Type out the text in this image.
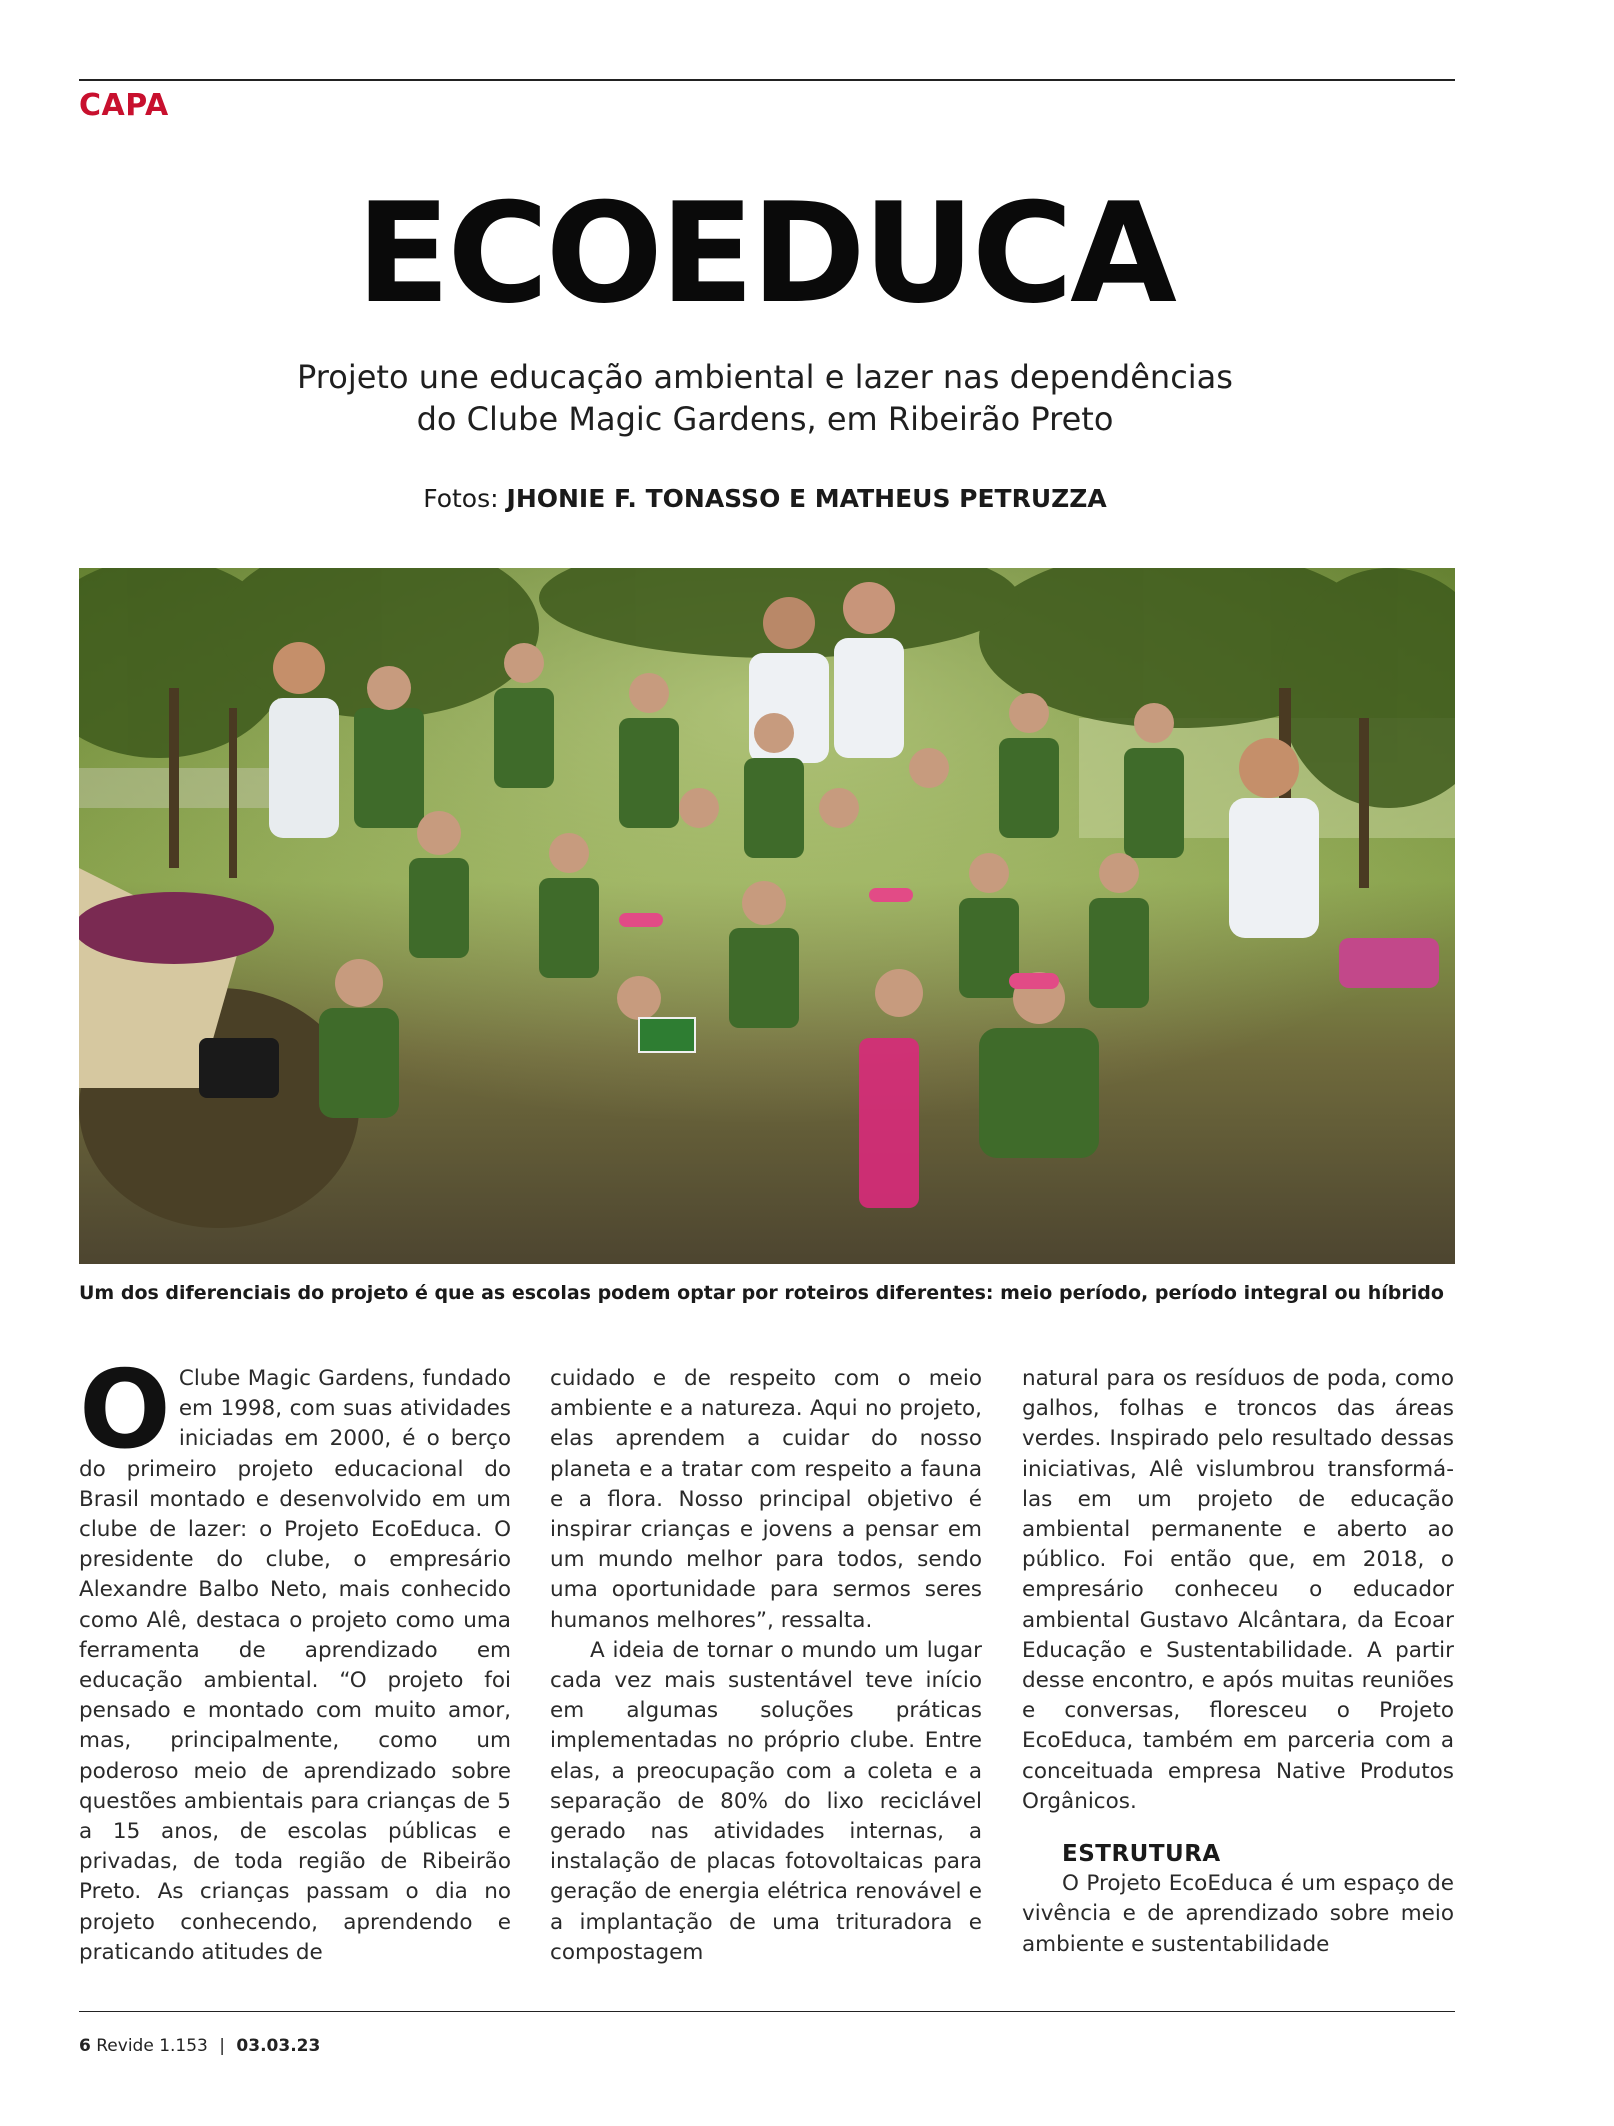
CAPA
ECOEDUCA
Projeto une educação ambiental e lazer nas dependências
do Clube Magic Gardens, em Ribeirão Preto
Fotos: JHONIE F. TONASSO E MATHEUS PETRUZZA
Um dos diferenciais do projeto é que as escolas podem optar por roteiros diferentes: meio período, período integral ou híbrido
O Clube Magic Gardens, fundado em 1998, com suas atividades iniciadas em 2000, é o berço do primeiro projeto educacional do Brasil montado e desenvolvido em um clube de lazer: o Projeto EcoEduca. O presidente do clube, o empresário Alexandre Balbo Neto, mais conhecido como Alê, destaca o projeto como uma ferramenta de aprendizado em educação ambiental. “O projeto foi pensado e montado com muito amor, mas, principalmente, como um poderoso meio de aprendizado sobre questões ambientais para crianças de 5 a 15 anos, de escolas públicas e privadas, de toda região de Ribeirão Preto. As crianças passam o dia no projeto conhecendo, aprendendo e praticando atitudes de

cuidado e de respeito com o meio ambiente e a natureza. Aqui no projeto, elas aprendem a cuidar do nosso planeta e a tratar com respeito a fauna e a flora. Nosso principal objetivo é inspirar crianças e jovens a pensar em um mundo melhor para todos, sendo uma oportunidade para sermos seres humanos melhores”, ressalta.

A ideia de tornar o mundo um lugar cada vez mais sustentável teve início em algumas soluções práticas implementadas no próprio clube. Entre elas, a preocupação com a coleta e a separação de 80% do lixo reciclável gerado nas atividades internas, a instalação de placas fotovoltaicas para geração de energia elétrica renovável e a implantação de uma trituradora e compostagem

natural para os resíduos de poda, como galhos, folhas e troncos das áreas verdes. Inspirado pelo resultado dessas iniciativas, Alê vislumbrou transformá-las em um projeto de educação ambiental permanente e aberto ao público. Foi então que, em 2018, o empresário conheceu o educador ambiental Gustavo Alcântara, da Ecoar Educação e Sustentabilidade. A partir desse encontro, e após muitas reuniões e conversas, floresceu o Projeto EcoEduca, também em parceria com a conceituada empresa Native Produtos Orgânicos.

ESTRUTURA

O Projeto EcoEduca é um espaço de vivência e de aprendizado sobre meio ambiente e sustentabilidade

6 Revide 1.153 | 03.03.23
